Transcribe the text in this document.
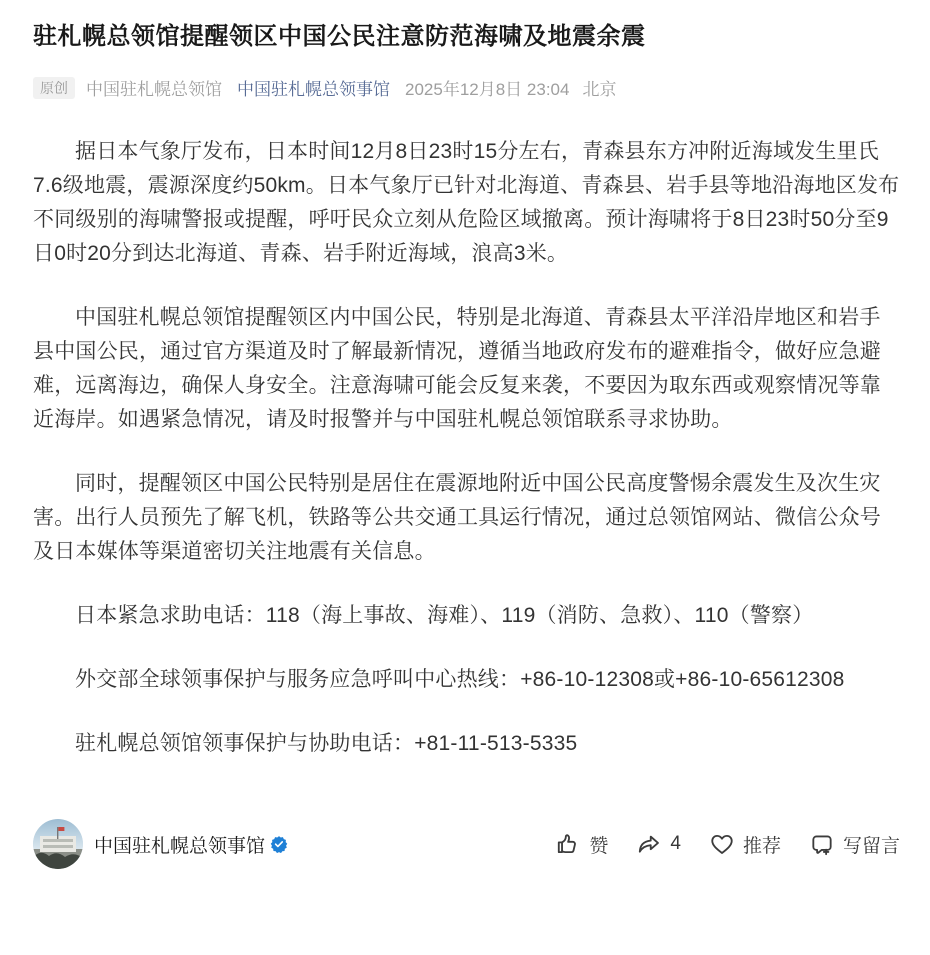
驻札幌总领馆提醒领区中国公民注意防范海啸及地震余震
原创	中国驻札幌总领馆 中国驻札幌总领事馆 2025年12月8日 23:04 北京

据日本气象厅发布，日本时间12月8日23时15分左右，青森县东方冲附近海域发生里氏7.6级地震，震源深度约50km。日本气象厅已针对北海道、青森县、岩手县等地沿海地区发布不同级别的海啸警报或提醒，呼吁民众立刻从危险区域撤离。预计海啸将于8日23时50分至9日0时20分到达北海道、青森、岩手附近海域，浪高3米。

中国驻札幌总领馆提醒领区内中国公民，特别是北海道、青森县太平洋沿岸地区和岩手县中国公民，通过官方渠道及时了解最新情况，遵循当地政府发布的避难指令，做好应急避难，远离海边，确保人身安全。注意海啸可能会反复来袭，不要因为取东西或观察情况等靠近海岸。如遇紧急情况，请及时报警并与中国驻札幌总领馆联系寻求协助。

同时，提醒领区中国公民特别是居住在震源地附近中国公民高度警惕余震发生及次生灾害。出行人员预先了解飞机，铁路等公共交通工具运行情况，通过总领馆网站、微信公众号及日本媒体等渠道密切关注地震有关信息。

日本紧急求助电话：118（海上事故、海难）、119（消防、急救）、110（警察）

外交部全球领事保护与服务应急呼叫中心热线：+86-10-12308或+86-10-65612308

驻札幌总领馆领事保护与协助电话：+81-11-513-5335

中国驻札幌总领事馆	赞	4	推荐	写留言
